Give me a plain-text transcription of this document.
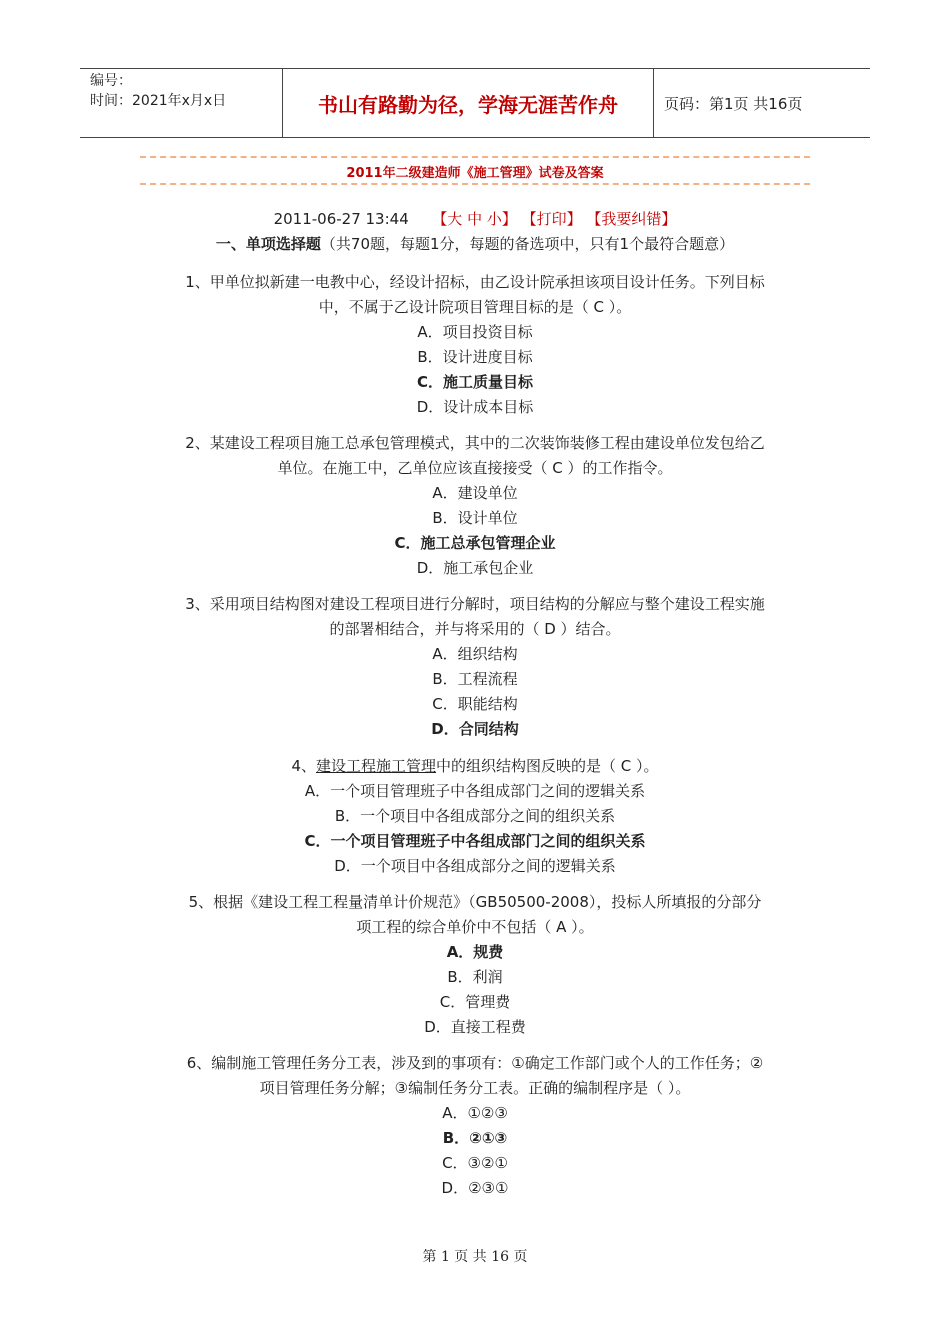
编号：
时间：2021年x月x日	书山有路勤为径，学海无涯苦作舟	页码：第1页 共16页
2011年二级建造师《施工管理》试卷及答案
2011-06-27 13:44 【大 中 小】 【打印】 【我要纠错】
一、单项选择题（共70题，每题1分，每题的备选项中，只有1个最符合题意）
1、甲单位拟新建一电教中心，经设计招标，由乙设计院承担该项目设计任务。下列目标
中，不属于乙设计院项目管理目标的是（ C ）。
A．项目投资目标
B．设计进度目标
C．施工质量目标
D．设计成本目标
2、某建设工程项目施工总承包管理模式，其中的二次装饰装修工程由建设单位发包给乙
单位。在施工中，乙单位应该直接接受（ C ）的工作指令。
A．建设单位
B．设计单位
C．施工总承包管理企业
D．施工承包企业
3、采用项目结构图对建设工程项目进行分解时，项目结构的分解应与整个建设工程实施
的部署相结合，并与将采用的（ D ）结合。
A．组织结构
B．工程流程
C．职能结构
D．合同结构
4、建设工程施工管理中的组织结构图反映的是（ C ）。
A．一个项目管理班子中各组成部门之间的逻辑关系
B．一个项目中各组成部分之间的组织关系
C．一个项目管理班子中各组成部门之间的组织关系
D．一个项目中各组成部分之间的逻辑关系
5、根据《建设工程工程量清单计价规范》（GB50500-2008），投标人所填报的分部分
项工程的综合单价中不包括（ A ）。
A．规费
B．利润
C．管理费
D．直接工程费
6、编制施工管理任务分工表，涉及到的事项有：①确定工作部门或个人的工作任务；②
项目管理任务分解；③编制任务分工表。正确的编制程序是（ ）。
A．①②③
B．②①③
C．③②①
D．②③①
第 1 页 共 16 页
